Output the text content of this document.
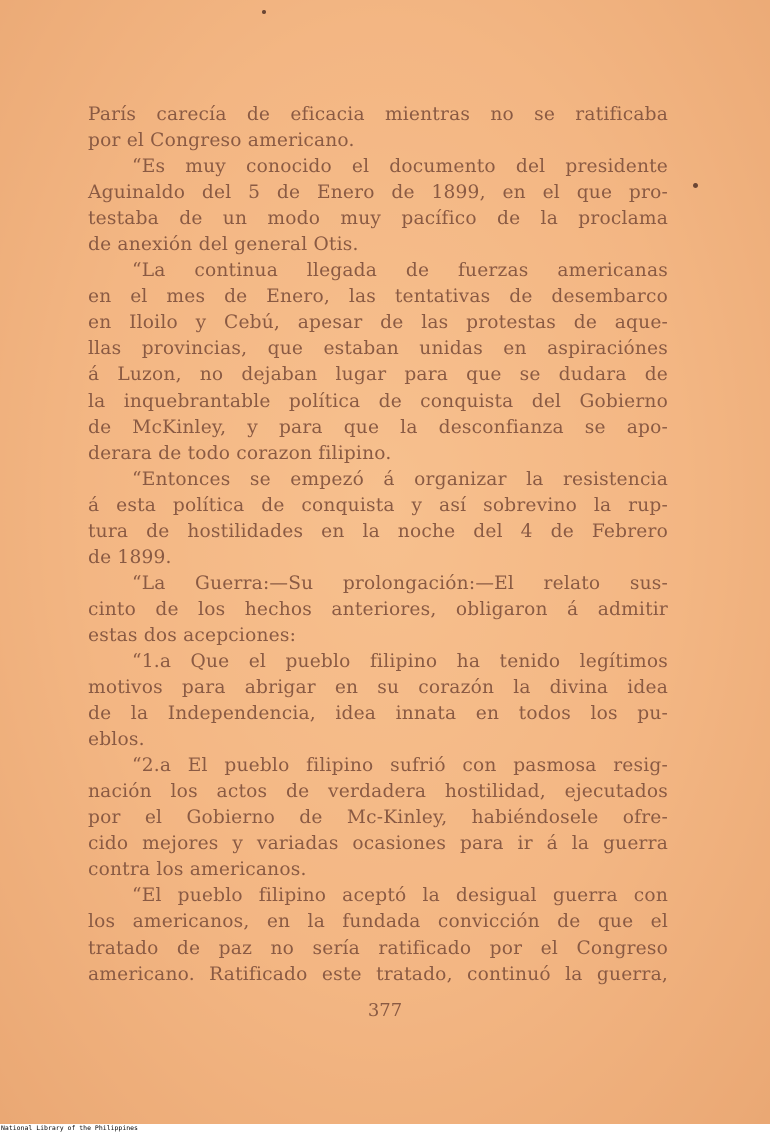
París carecía de eficacia mientras no se ratificaba
por el Congreso americano.
“Es muy conocido el documento del presidente
Aguinaldo del 5 de Enero de 1899, en el que pro-
testaba de un modo muy pacífico de la proclama
de anexión del general Otis.
“La continua llegada de fuerzas americanas
en el mes de Enero, las tentativas de desembarco
en Iloilo y Cebú, apesar de las protestas de aque-
llas provincias, que estaban unidas en aspiraciónes
á Luzon, no dejaban lugar para que se dudara de
la inquebrantable política de conquista del Gobierno
de McKinley, y para que la desconfianza se apo-
derara de todo corazon filipino.
“Entonces se empezó á organizar la resistencia
á esta política de conquista y así sobrevino la rup-
tura de hostilidades en la noche del 4 de Febrero
de 1899.
“La Guerra:—Su prolongación:—El relato sus-
cinto de los hechos anteriores, obligaron á admitir
estas dos acepciones:
“1.a Que el pueblo filipino ha tenido legítimos
motivos para abrigar en su corazón la divina idea
de la Independencia, idea innata en todos los pu-
eblos.
“2.a El pueblo filipino sufrió con pasmosa resig-
nación los actos de verdadera hostilidad, ejecutados
por el Gobierno de Mc-Kinley, habiéndosele ofre-
cido mejores y variadas ocasiones para ir á la guerra
contra los americanos.
“El pueblo filipino aceptó la desigual guerra con
los americanos, en la fundada convicción de que el
tratado de paz no sería ratificado por el Congreso
americano. Ratificado este tratado, continuó la guerra,
377
National Library of the Philippines
